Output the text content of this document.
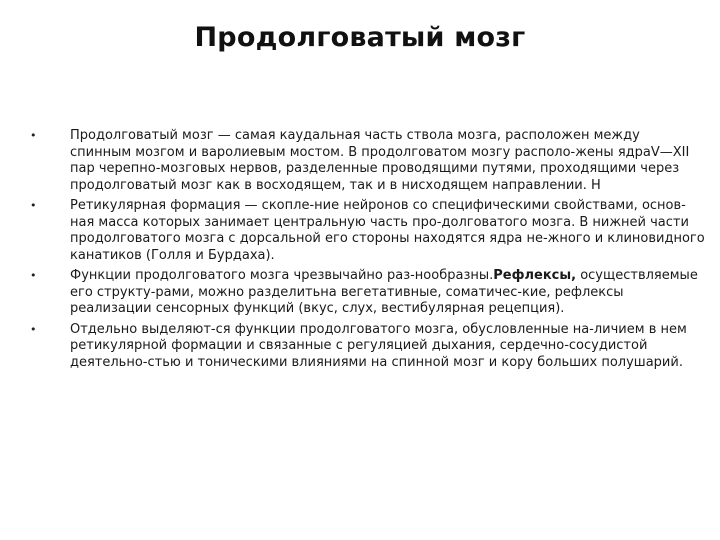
Продолговатый мозг
•	Продолговатый мозг — самая каудальная часть ствола мозга, расположен между спинным мозгом и варолиевым мостом. В продолговатом мозгу располо-жены ядраV—XII пар черепно-мозговых нервов, разделенные проводящими путями, проходящими через продолговатый мозг как в восходящем, так и в нисходящем направлении. Н
•	Ретикулярная формация — скопле-ние нейронов со специфическими свойствами, основ-ная масса которых занимает центральную часть про-долговатого мозга. В нижней части продолговатого мозга с дорсальной его стороны находятся ядра не-жного и клиновидного канатиков (Голля и Бурдаха).
•	Функции продолговатого мозга чрезвычайно раз-нообразны.Рефлексы, осуществляемые его структу-рами, можно разделитьна вегетативные, соматичес-кие, рефлексы реализации сенсорных функций (вкус, слух, вестибулярная рецепция).
•	Отдельно выделяют-ся функции продолговатого мозга, обусловленные на-личием в нем ретикулярной формации и связанные с регуляцией дыхания, сердечно-сосудистой деятельно-стью и тоническими влияниями на спинной мозг и кору больших полушарий.
